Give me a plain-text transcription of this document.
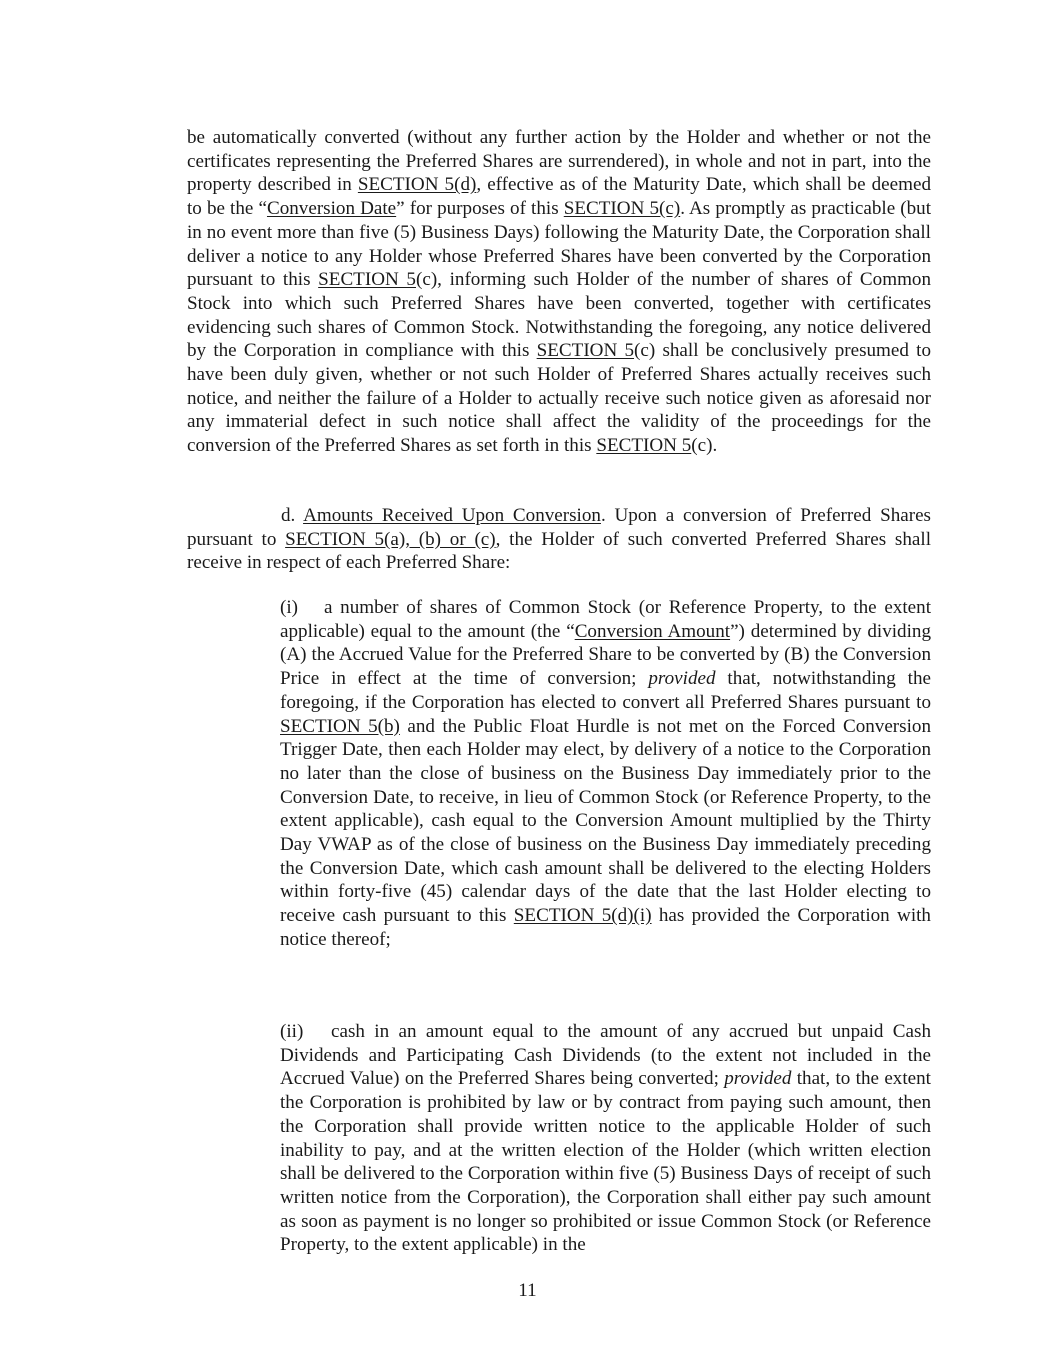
be automatically converted (without any further action by the Holder and whether or not the certificates representing the Preferred Shares are surrendered), in whole and not in part, into the property described in SECTION 5(d), effective as of the Maturity Date, which shall be deemed to be the “Conversion Date” for purposes of this SECTION 5(c). As promptly as practicable (but in no event more than five (5) Business Days) following the Maturity Date, the Corporation shall deliver a notice to any Holder whose Preferred Shares have been converted by the Corporation pursuant to this SECTION 5(c), informing such Holder of the number of shares of Common Stock into which such Preferred Shares have been converted, together with certificates evidencing such shares of Common Stock. Notwithstanding the foregoing, any notice delivered by the Corporation in compliance with this SECTION 5(c) shall be conclusively presumed to have been duly given, whether or not such Holder of Preferred Shares actually receives such notice, and neither the failure of a Holder to actually receive such notice given as aforesaid nor any immaterial defect in such notice shall affect the validity of the proceedings for the conversion of the Preferred Shares as set forth in this SECTION 5(c).

d. Amounts Received Upon Conversion. Upon a conversion of Preferred Shares pursuant to SECTION 5(a), (b) or (c), the Holder of such converted Preferred Shares shall receive in respect of each Preferred Share:

(i) a number of shares of Common Stock (or Reference Property, to the extent applicable) equal to the amount (the “Conversion Amount”) determined by dividing (A) the Accrued Value for the Preferred Share to be converted by (B) the Conversion Price in effect at the time of conversion; provided that, notwithstanding the foregoing, if the Corporation has elected to convert all Preferred Shares pursuant to SECTION 5(b) and the Public Float Hurdle is not met on the Forced Conversion Trigger Date, then each Holder may elect, by delivery of a notice to the Corporation no later than the close of business on the Business Day immediately prior to the Conversion Date, to receive, in lieu of Common Stock (or Reference Property, to the extent applicable), cash equal to the Conversion Amount multiplied by the Thirty Day VWAP as of the close of business on the Business Day immediately preceding the Conversion Date, which cash amount shall be delivered to the electing Holders within forty-five (45) calendar days of the date that the last Holder electing to receive cash pursuant to this SECTION 5(d)(i) has provided the Corporation with notice thereof;

(ii) cash in an amount equal to the amount of any accrued but unpaid Cash Dividends and Participating Cash Dividends (to the extent not included in the Accrued Value) on the Preferred Shares being converted; provided that, to the extent the Corporation is prohibited by law or by contract from paying such amount, then the Corporation shall provide written notice to the applicable Holder of such inability to pay, and at the written election of the Holder (which written election shall be delivered to the Corporation within five (5) Business Days of receipt of such written notice from the Corporation), the Corporation shall either pay such amount as soon as payment is no longer so prohibited or issue Common Stock (or Reference Property, to the extent applicable) in the

11
